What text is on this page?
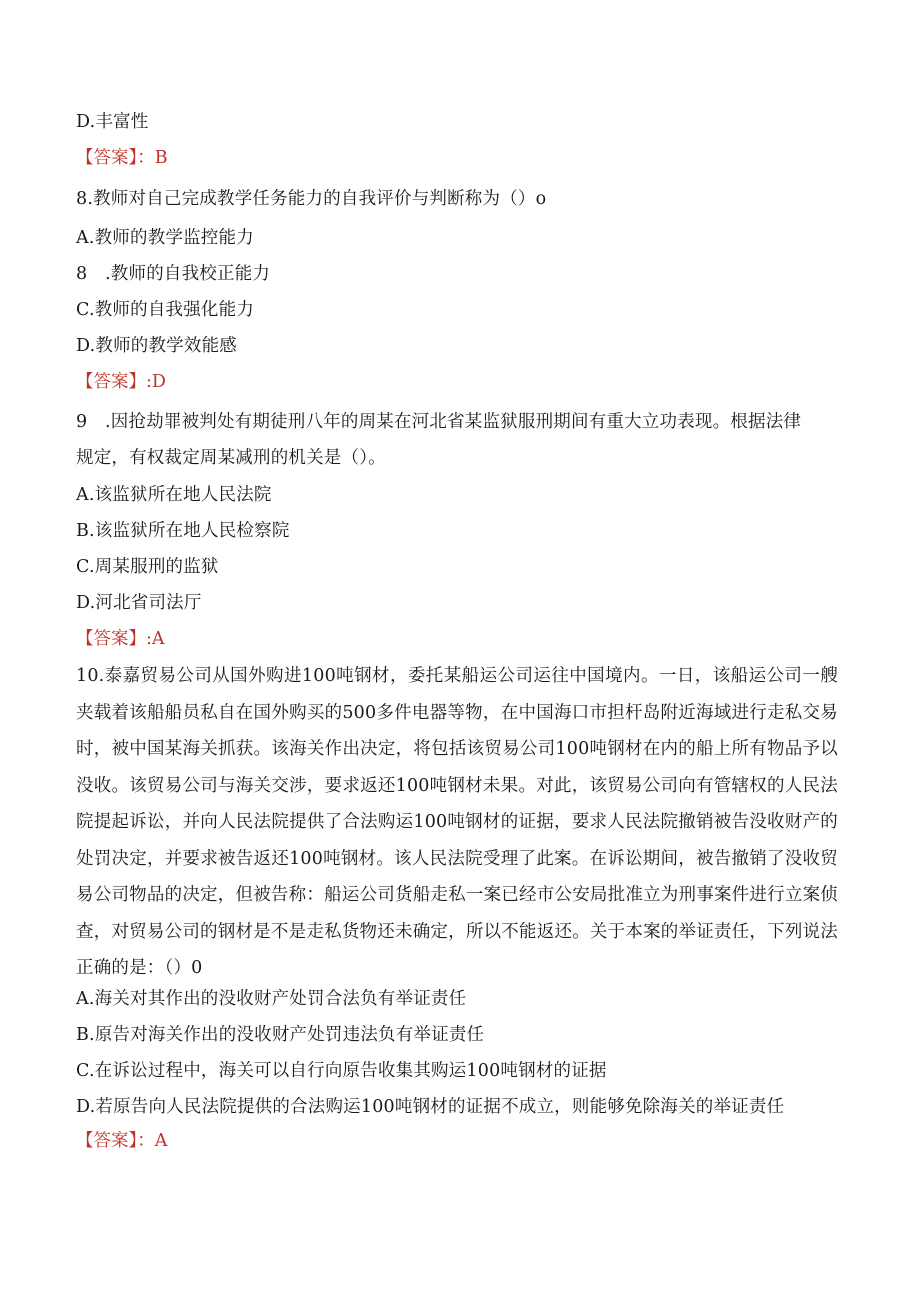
D.丰富性
【答案】：B
8.教师对自己完成教学任务能力的自我评价与判断称为（）o
A.教师的教学监控能力
8　.教师的自我校正能力
C.教师的自我强化能力
D.教师的教学效能感
【答案】:D
9　.因抢劫罪被判处有期徒刑八年的周某在河北省某监狱服刑期间有重大立功表现。根据法律
规定，有权裁定周某减刑的机关是（）。
A.该监狱所在地人民法院
B.该监狱所在地人民检察院
C.周某服刑的监狱
D.河北省司法厅
【答案】:A
10.泰嘉贸易公司从国外购进100吨钢材，委托某船运公司运往中国境内。一日，该船运公司一艘夹载着该船船员私自在国外购买的500多件电器等物，在中国海口市担杆岛附近海域进行走私交易时，被中国某海关抓获。该海关作出决定，将包括该贸易公司100吨钢材在内的船上所有物品予以没收。该贸易公司与海关交涉，要求返还100吨钢材未果。对此，该贸易公司向有管辖权的人民法院提起诉讼，并向人民法院提供了合法购运100吨钢材的证据，要求人民法院撤销被告没收财产的处罚决定，并要求被告返还100吨钢材。该人民法院受理了此案。在诉讼期间，被告撤销了没收贸易公司物品的决定，但被告称：船运公司货船走私一案已经市公安局批准立为刑事案件进行立案侦查，对贸易公司的钢材是不是走私货物还未确定，所以不能返还。关于本案的举证责任，下列说法正确的是：（）0
A.海关对其作出的没收财产处罚合法负有举证责任
B.原告对海关作出的没收财产处罚违法负有举证责任
C.在诉讼过程中，海关可以自行向原告收集其购运100吨钢材的证据
D.若原告向人民法院提供的合法购运100吨钢材的证据不成立，则能够免除海关的举证责任
【答案】：A
